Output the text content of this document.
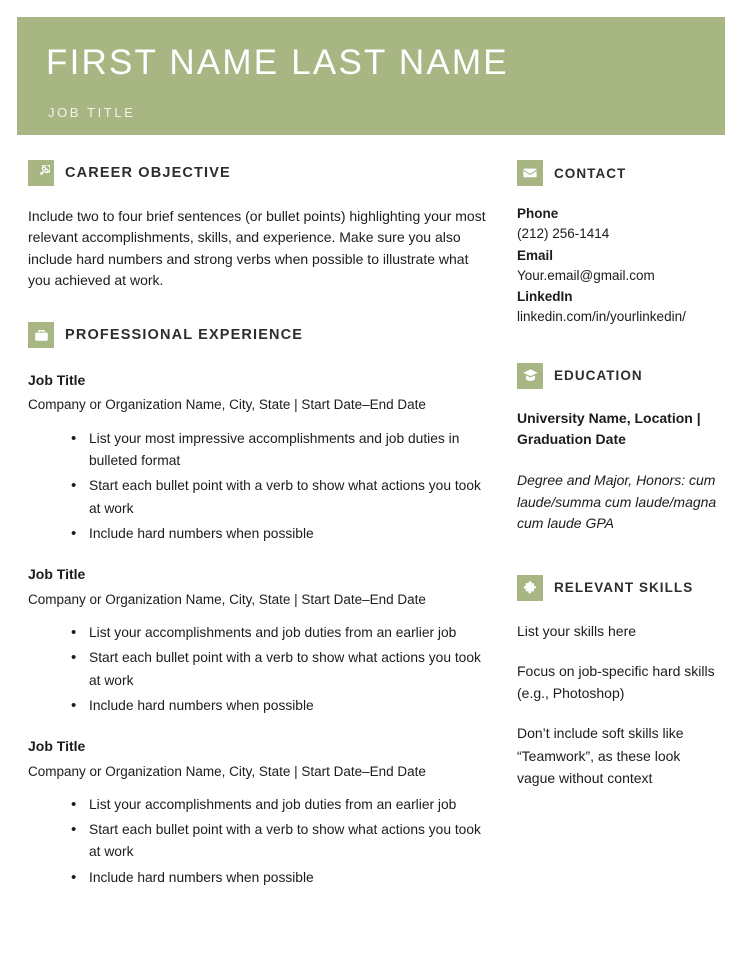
FIRST NAME LAST NAME
JOB TITLE
CAREER OBJECTIVE

Include two to four brief sentences (or bullet points) highlighting your most relevant accomplishments, skills, and experience. Make sure you also include hard numbers and strong verbs when possible to illustrate what you achieved at work.

PROFESSIONAL EXPERIENCE
Job Title
Company or Organization Name, City, State | Start Date–End Date
• List your most impressive accomplishments and job duties in bulleted format
• Start each bullet point with a verb to show what actions you took at work
• Include hard numbers when possible
Job Title
Company or Organization Name, City, State | Start Date–End Date
• List your accomplishments and job duties from an earlier job
• Start each bullet point with a verb to show what actions you took at work
• Include hard numbers when possible
Job Title
Company or Organization Name, City, State | Start Date–End Date
• List your accomplishments and job duties from an earlier job
• Start each bullet point with a verb to show what actions you took at work
• Include hard numbers when possible
CONTACT
Phone
(212) 256-1414
Email
Your.email@gmail.com
LinkedIn
linkedin.com/in/yourlinkedin/
EDUCATION
University Name, Location | Graduation Date
Degree and Major, Honors: cum laude/summa cum laude/magna cum laude GPA
RELEVANT SKILLS
List your skills here
Focus on job-specific hard skills (e.g., Photoshop)
Don’t include soft skills like “Teamwork”, as these look vague without context
